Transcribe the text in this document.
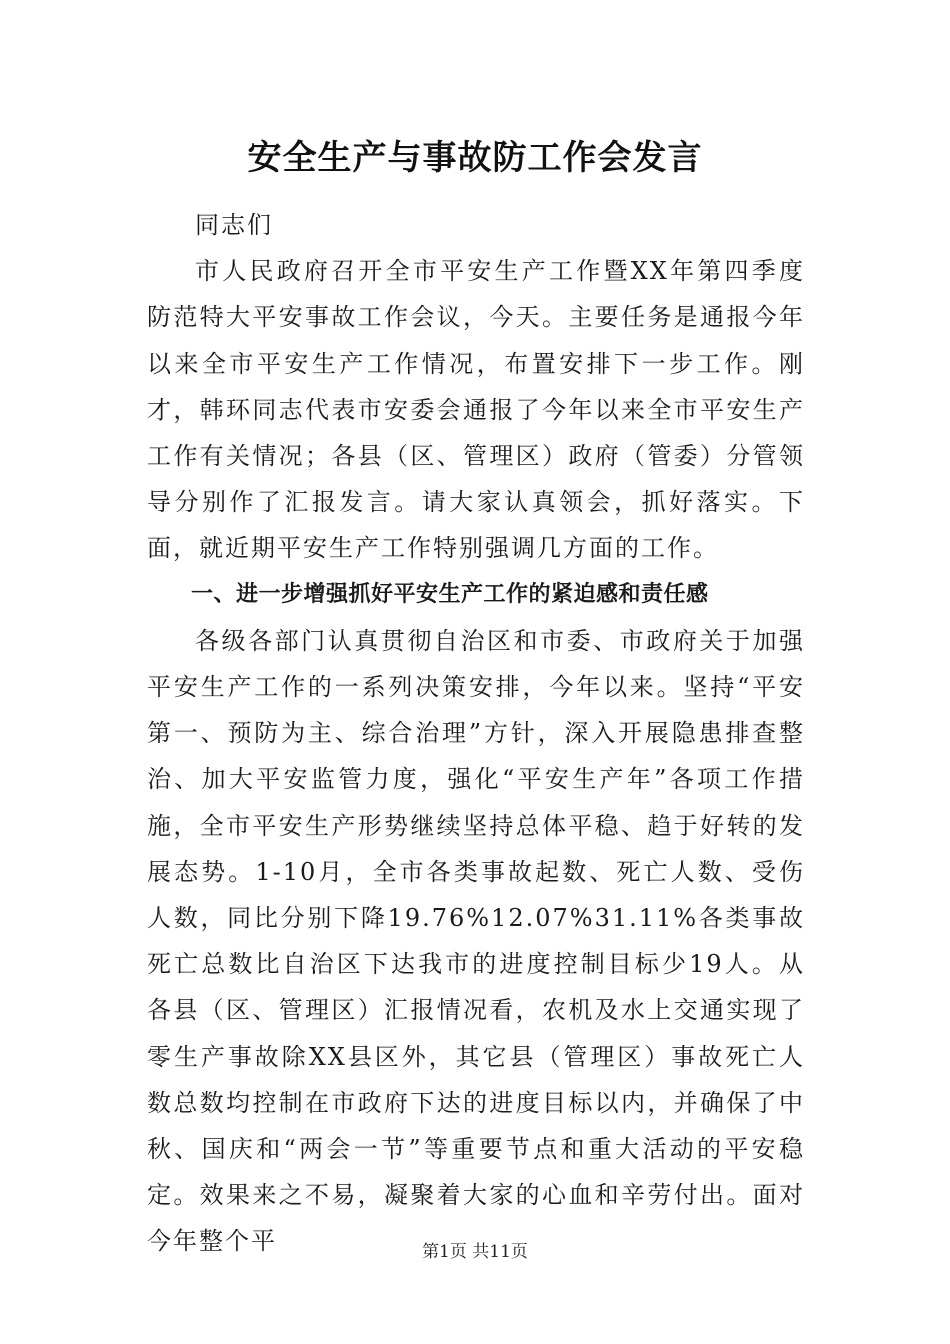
安全生产与事故防工作会发言

同志们

市人民政府召开全市平安生产工作暨XX年第四季度防范特大平安事故工作会议，今天。主要任务是通报今年以来全市平安生产工作情况，布置安排下一步工作。刚才，韩环同志代表市安委会通报了今年以来全市平安生产工作有关情况；各县（区、管理区）政府（管委）分管领导分别作了汇报发言。请大家认真领会，抓好落实。下面，就近期平安生产工作特别强调几方面的工作。

一、进一步增强抓好平安生产工作的紧迫感和责任感

各级各部门认真贯彻自治区和市委、市政府关于加强平安生产工作的一系列决策安排，今年以来。坚持“平安第一、预防为主、综合治理”方针，深入开展隐患排查整治、加大平安监管力度，强化“平安生产年”各项工作措施，全市平安生产形势继续坚持总体平稳、趋于好转的发展态势。1-10月，全市各类事故起数、死亡人数、受伤人数，同比分别下降19.76%12.07%31.11%各类事故死亡总数比自治区下达我市的进度控制目标少19人。从各县（区、管理区）汇报情况看，农机及水上交通实现了零生产事故除XX县区外，其它县（管理区）事故死亡人数总数均控制在市政府下达的进度目标以内，并确保了中秋、国庆和“两会一节”等重要节点和重大活动的平安稳定。效果来之不易，凝聚着大家的心血和辛劳付出。面对今年整个平	第1页 共11页
